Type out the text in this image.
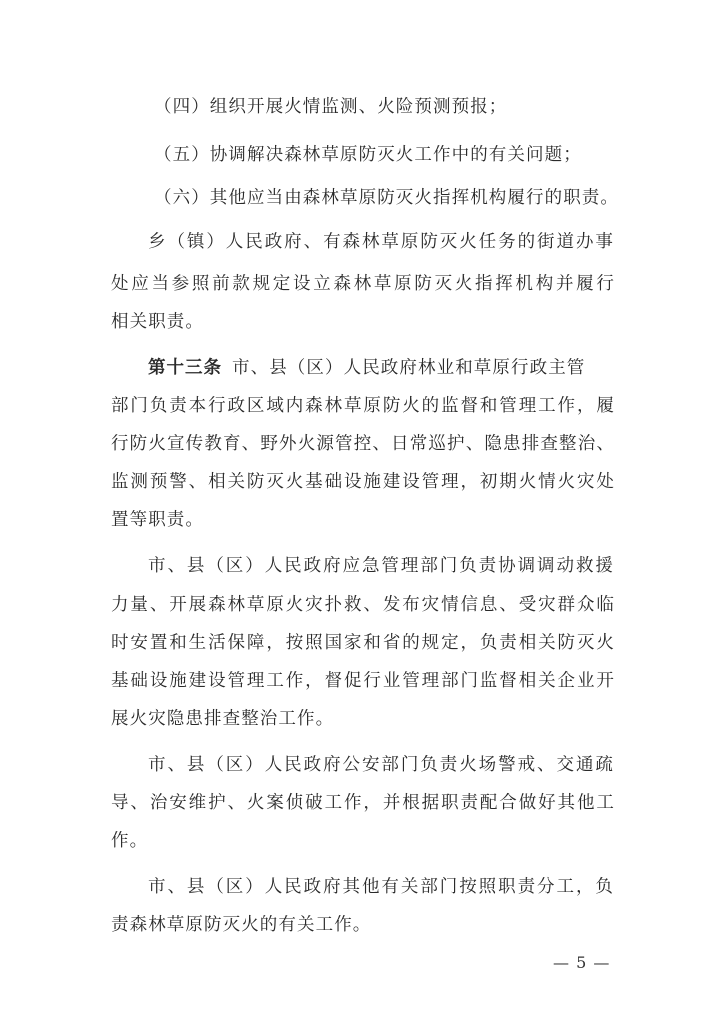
（四）组织开展火情监测、火险预测预报；
（五）协调解决森林草原防灭火工作中的有关问题；
（六）其他应当由森林草原防灭火指挥机构履行的职责。
乡（镇）人民政府、有森林草原防灭火任务的街道办事
处应当参照前款规定设立森林草原防灭火指挥机构并履行
相关职责。
第十三条 市、县（区）人民政府林业和草原行政主管
部门负责本行政区域内森林草原防火的监督和管理工作，履
行防火宣传教育、野外火源管控、日常巡护、隐患排查整治、
监测预警、相关防灭火基础设施建设管理，初期火情火灾处
置等职责。
市、县（区）人民政府应急管理部门负责协调调动救援
力量、开展森林草原火灾扑救、发布灾情信息、受灾群众临
时安置和生活保障，按照国家和省的规定，负责相关防灭火
基础设施建设管理工作，督促行业管理部门监督相关企业开
展火灾隐患排查整治工作。
市、县（区）人民政府公安部门负责火场警戒、交通疏
导、治安维护、火案侦破工作，并根据职责配合做好其他工
作。
市、县（区）人民政府其他有关部门按照职责分工，负
责森林草原防灭火的有关工作。
— 5 —
